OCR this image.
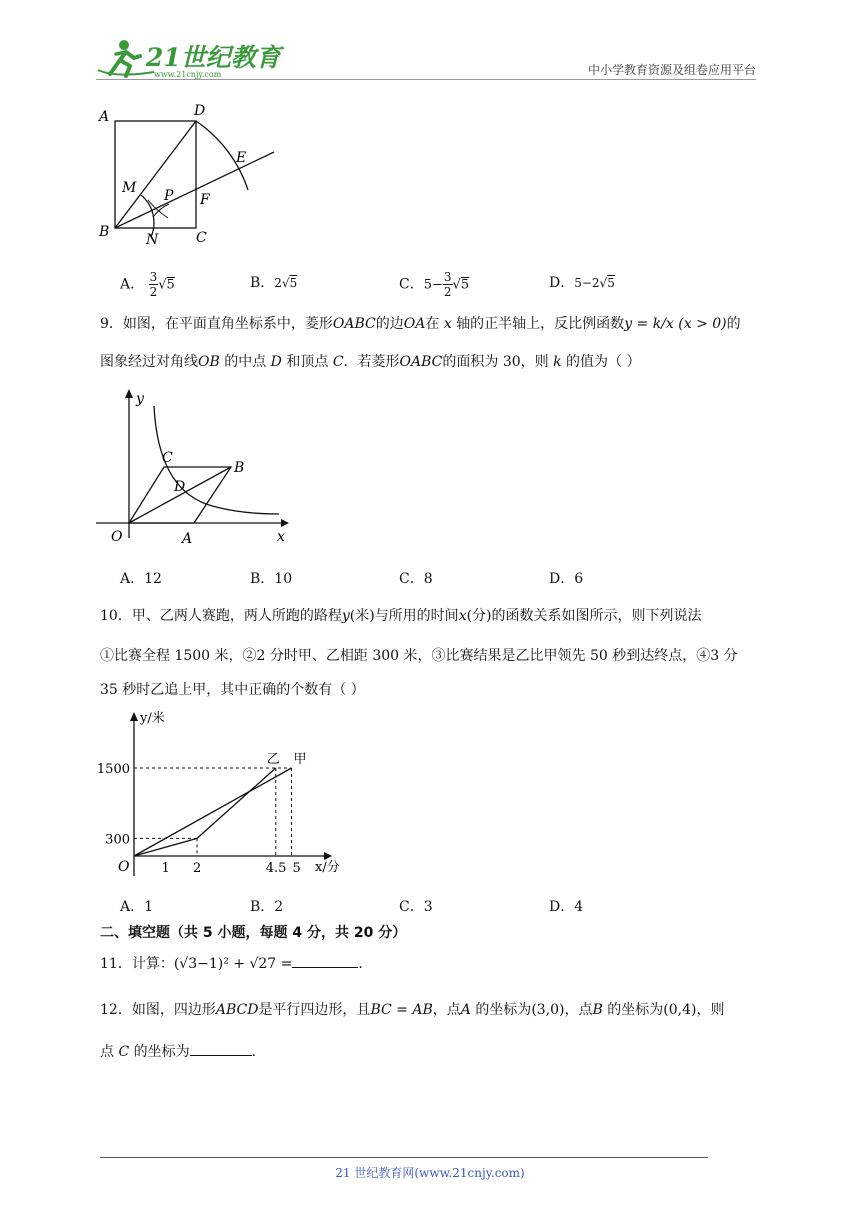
21世纪教育
www.21cnjy.com	中小学教育资源及组卷应用平台
A	D
E
M P F
B	N	C
A． 3
2√5	B．2√5	C．5−3
2√5	D．5−2√5
9．如图，在平面直角坐标系中，菱形OABC的边OA在 x 轴的正半轴上，反比例函数y = k/x (x > 0)的
图象经过对角线OB 的中点 D 和顶点 C．若菱形OABC的面积为 30，则 k 的值为（ ）
y
C
B
D
O	A	x
A．12	B．10	C．8	D．6
10．甲、乙两人赛跑，两人所跑的路程y(米)与所用的时间x(分)的函数关系如图所示，则下列说法
①比赛全程 1500 米，②2 分时甲、乙相距 300 米，③比赛结果是乙比甲领先 50 秒到达终点，④3 分
35 秒时乙追上甲，其中正确的个数有（ ）
甲
乙
1 2	4.5 5
300
1500
y/米
x/分
O
A．1	B．2	C．3	D．4
二、填空题（共 5 小题，每题 4 分，共 20 分）
11．计算：(√3−1)² + √27 =	.
12．如图，四边形ABCD是平行四边形，且BC = AB，点A 的坐标为(3,0)，点B 的坐标为(0,4)，则
点 C 的坐标为	.
21 世纪教育网(www.21cnjy.com)
